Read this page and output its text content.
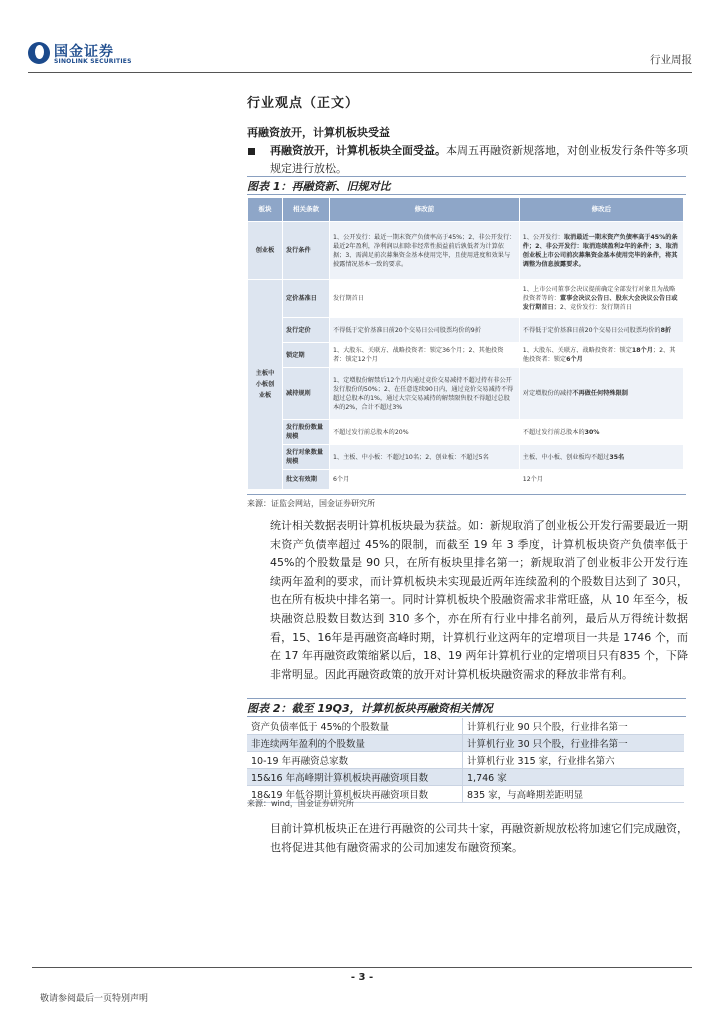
国金证券
SINOLINK SECURITIES	行业周报
行业观点（正文）
再融资放开，计算机板块受益
再融资放开，计算机板块全面受益。本周五再融资新规落地，对创业板发行条件等多项规定进行放松。
图表 1：再融资新、旧规对比
板块	相关条款	修改前	修改后
创业板	发行条件	1、公开发行：最近一期末资产负债率高于45%；2、非公开发行：最近2年盈利，净利润以扣除非经常性损益前后孰低者为计算依据；3、需满足前次募集资金基本使用完毕，且使用进度和效果与披露情况基本一致的要求。	1、公开发行：取消最近一期末资产负债率高于45%的条件；2、非公开发行：取消连续盈利2年的条件；3、取消创业板上市公司前次募集资金基本使用完毕的条件，将其调整为信息披露要求。
主板中小板创业板	定价基准日	发行期首日	1、上市公司董事会决议提前确定全部发行对象且为战略投资者等的：董事会决议公告日、股东大会决议公告日或发行期首日；2、竞价发行：发行期首日
	发行定价	不得低于定价基准日前20个交易日公司股票均价的9折	不得低于定价基准日前20个交易日公司股票均价的8折
	锁定期	1、大股东、关联方、战略投资者：锁定36个月；2、其他投资者：锁定12个月	1、大股东、关联方、战略投资者：锁定18个月；2、其他投资者：锁定6个月
	减持规则	1、定增股份解禁后12个月内通过竞价交易减持不超过持有非公开发行股份的50%；2、在任意连续90日内，通过竞价交易减持不得超过总股本的1%，通过大宗交易减持的解禁限售股不得超过总股本的2%，合计不超过3%	对定增股份的减持不再做任何特殊限制
	发行股份数量规模	不超过发行前总股本的20%	不超过发行前总股本的30%
	发行对象数量规模	1、主板、中小板：不超过10名；2、创业板：不超过5名	主板、中小板、创业板均不超过35名
	批文有效期	6个月	12个月
来源：证监会网站，国金证券研究所
统计相关数据表明计算机板块最为获益。如：新规取消了创业板公开发行需要最近一期末资产负债率超过 45%的限制，而截至 19 年 3 季度，计算机板块资产负债率低于 45%的个股数量是 90 只，在所有板块里排名第一；新规取消了创业板非公开发行连续两年盈利的要求，而计算机板块未实现最近两年连续盈利的个股数目达到了 30只，也在所有板块中排名第一。同时计算机板块个股融资需求非常旺盛，从 10 年至今，板块融资总股数目数达到 310 多个，亦在所有行业中排名前列，最后从万得统计数据看，15、16年是再融资高峰时期，计算机行业这两年的定增项目一共是 1746 个，而在 17 年再融资政策缩紧以后，18、19 两年计算机行业的定增项目只有835 个，下降非常明显。因此再融资政策的放开对计算机板块融资需求的释放非常有利。
图表 2：截至 19Q3，计算机板块再融资相关情况
资产负债率低于 45%的个股数量	计算机行业 90 只个股，行业排名第一
非连续两年盈利的个股数量	计算机行业 30 只个股，行业排名第一
10-19 年再融资总家数	计算机行业 315 家，行业排名第六
15&16 年高峰期计算机板块再融资项目数	1,746 家
18&19 年低谷期计算机板块再融资项目数	835 家，与高峰期差距明显
来源：wind，国金证券研究所
目前计算机板块正在进行再融资的公司共十家，再融资新规放松将加速它们完成融资，也将促进其他有融资需求的公司加速发布融资预案。
- 3 -
敬请参阅最后一页特别声明
